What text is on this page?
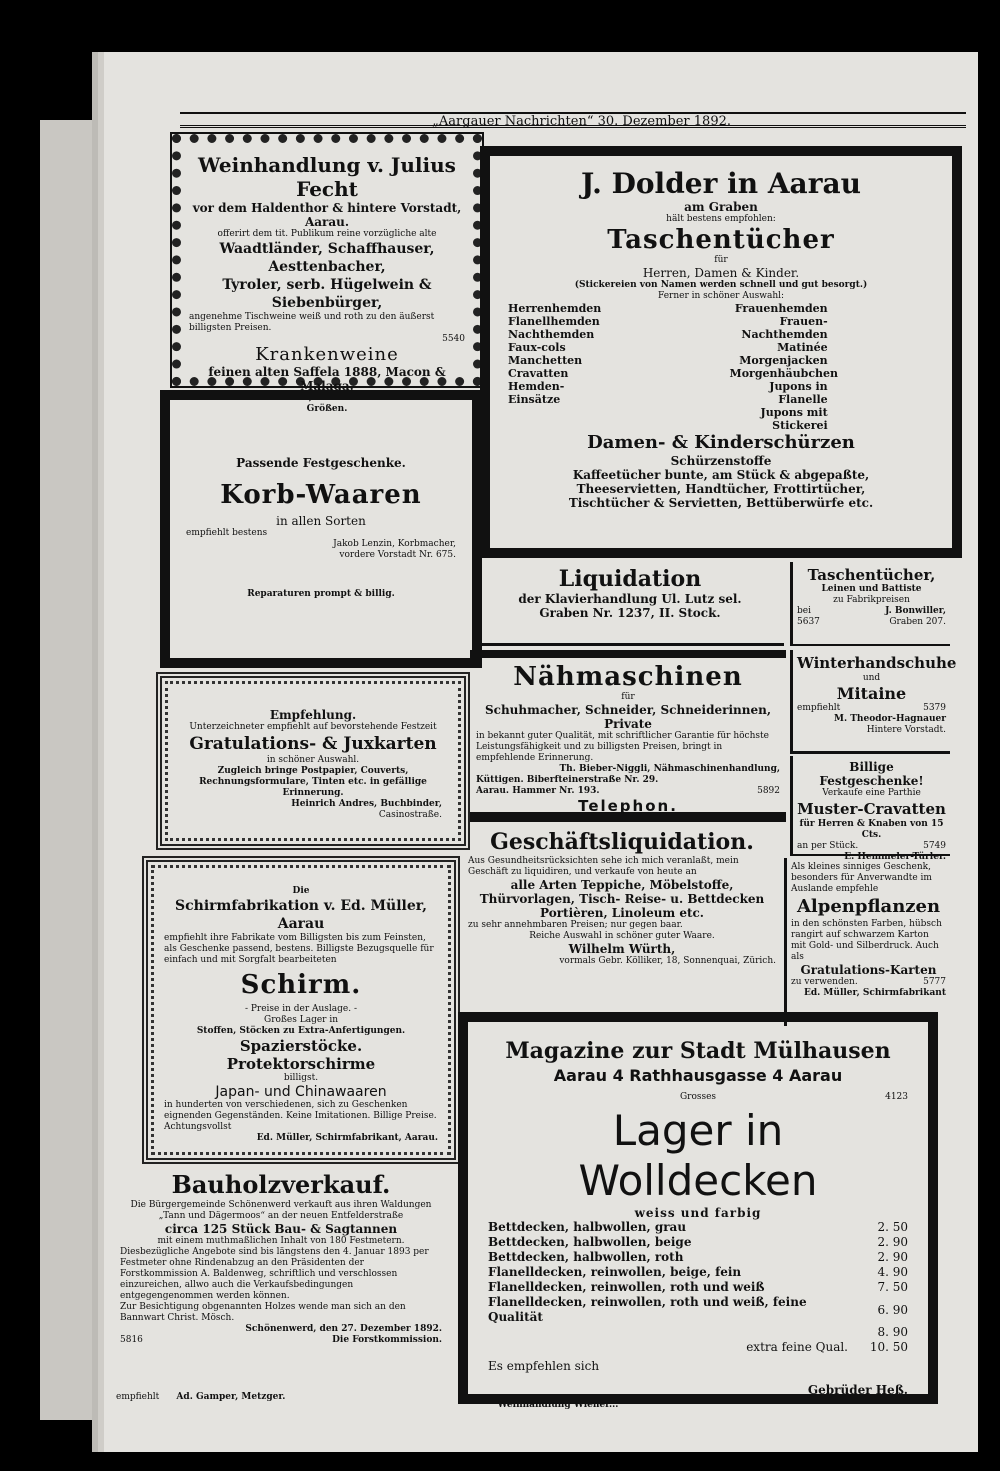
„Aargauer Nachrichten“ 30. Dezember 1892.
Weinhandlung v. Julius Fecht
vor dem Haldenthor & hintere Vorstadt, Aarau.
offerirt dem tit. Publikum reine vorzügliche alte
Waadtländer, Schaffhauser, Aesttenbacher,
Tyroler, serb. Hügelwein & Siebenbürger,
angenehme Tischweine weiß und roth zu den äußerst billigsten Preisen.
5540
Krankenweine
feinen alten Saffela 1888, Macon & Malaga.
Muster zu Diensten, ebenso Gebinde von allen Größen.
Passende Festgeschenke.
Korb-Waaren
in allen Sorten
empfiehlt bestens
Jakob Lenzin, Korbmacher,
vordere Vorstadt Nr. 675.
Reparaturen prompt & billig.
Empfehlung.
Unterzeichneter empfiehlt auf bevorstehende Festzeit
Gratulations- & Juxkarten
in schöner Auswahl.
Zugleich bringe Postpapier, Couverts, Rechnungsformulare, Tinten etc. in gefällige Erinnerung.
Heinrich Andres, Buchbinder,
Casinostraße.
Die
Schirmfabrikation v. Ed. Müller, Aarau
empfiehlt ihre Fabrikate vom Billigsten bis zum Feinsten, als Geschenke passend, bestens. Billigste Bezugsquelle für einfach und mit Sorgfalt bearbeiteten
Schirm.
- Preise in der Auslage. -
Großes Lager in
Stoffen, Stöcken zu Extra-Anfertigungen.
Spazierstöcke. Protektorschirme
billigst.
Japan- und Chinawaaren
in hunderten von verschiedenen, sich zu Geschenken eignenden Gegenständen. Keine Imitationen. Billige Preise.
Achtungsvollst
Ed. Müller, Schirmfabrikant, Aarau.
Bauholzverkauf.
Die Bürgergemeinde Schönenwerd verkauft aus ihren Waldungen „Tann und Dägermoos“ an der neuen Entfelderstraße
circa 125 Stück Bau- & Sagtannen
mit einem muthmaßlichen Inhalt von 180 Festmetern.
Diesbezügliche Angebote sind bis längstens den 4. Januar 1893 per Festmeter ohne Rindenabzug an den Präsidenten der Forstkommission A. Baldenweg, schriftlich und verschlossen einzureichen, allwo auch die Verkaufsbedingungen entgegengenommen werden können.
Zur Besichtigung obgenannten Holzes wende man sich an den Bannwart Christ. Mösch.
Schönenwerd, den 27. Dezember 1892.
5816	Die Forstkommission.
empfiehlt Ad. Gamper, Metzger.
J. Dolder in Aarau
am Graben
hält bestens empfohlen:
Taschentücher
für
Herren, Damen & Kinder.
(Stickereien von Namen werden schnell und gut besorgt.)
Ferner in schöner Auswahl:
Herrenhemden
Flanellhemden
Nachthemden
Faux-cols
Manchetten
Cravatten
Hemden-Einsätze
Frauenhemden
Frauen-Nachthemden
Matinée
Morgenjacken
Morgenhäubchen
Jupons in Flanelle
Jupons mit Stickerei
Damen- & Kinderschürzen
Schürzenstoffe
Kaffeetücher bunte, am Stück & abgepaßte,
Theeservietten, Handtücher, Frottirtücher,
Tischtücher & Servietten, Bettüberwürfe etc.
Liquidation
der Klavierhandlung Ul. Lutz sel.
Graben Nr. 1237, II. Stock.
Taschentücher,
Leinen und Battiste
zu Fabrikpreisen
bei	J. Bonwiller,
5637	Graben 207.
Nähmaschinen
für
Schuhmacher, Schneider, Schneiderinnen, Private
in bekannt guter Qualität, mit schriftlicher Garantie für höchste Leistungsfähigkeit und zu billigsten Preisen, bringt in empfehlende Erinnerung.
Th. Bieber-Niggli, Nähmaschinenhandlung,
Küttigen. Biberfteinerstraße Nr. 29.
Aarau. Hammer Nr. 193.	5892
Telephon.
Winterhandschuhe
und
Mitaine
empfiehlt	5379
M. Theodor-Hagnauer
Hintere Vorstadt.
Billige Festgeschenke!
Verkaufe eine Parthie
Muster-Cravatten
für Herren & Knaben von 15 Cts.
an per Stück.	5749
E. Hemmeler-Türler.
Geschäftsliquidation.
Aus Gesundheitsrücksichten sehe ich mich veranlaßt, mein Geschäft zu liquidiren, und verkaufe von heute an
alle Arten Teppiche, Möbelstoffe,
Thürvorlagen, Tisch- Reise- u. Bettdecken
Portièren, Linoleum etc.
zu sehr annehmbaren Preisen; nur gegen baar.
Reiche Auswahl in schöner guter Waare.
Wilhelm Würth,
vormals Gebr. Kölliker, 18, Sonnenquai, Zürich.
Als kleines sinniges Geschenk, besonders für Anverwandte im Auslande empfehle
Alpenpflanzen
in den schönsten Farben, hübsch rangirt auf schwarzem Karton mit Gold- und Silberdruck. Auch als
Gratulations-Karten
zu verwenden.	5777
Ed. Müller, Schirmfabrikant
Magazine zur Stadt Mülhausen
Aarau 4 Rathhausgasse 4 Aarau
Grosses	4123
Lager in Wolldecken
weiss und farbig
Bettdecken, halbwollen, grau	2. 50
Bettdecken, halbwollen, beige	2. 90
Bettdecken, halbwollen, roth	2. 90
Flanelldecken, reinwollen, beige, fein	4. 90
Flanelldecken, reinwollen, roth und weiß	7. 50
Flanelldecken, reinwollen, roth und weiß, feine Qualität	6. 90
	8. 90
extra feine Qual.	10. 50
Es empfehlen sich
Gebrüder Heß.
Weinhandlung Wiener...
